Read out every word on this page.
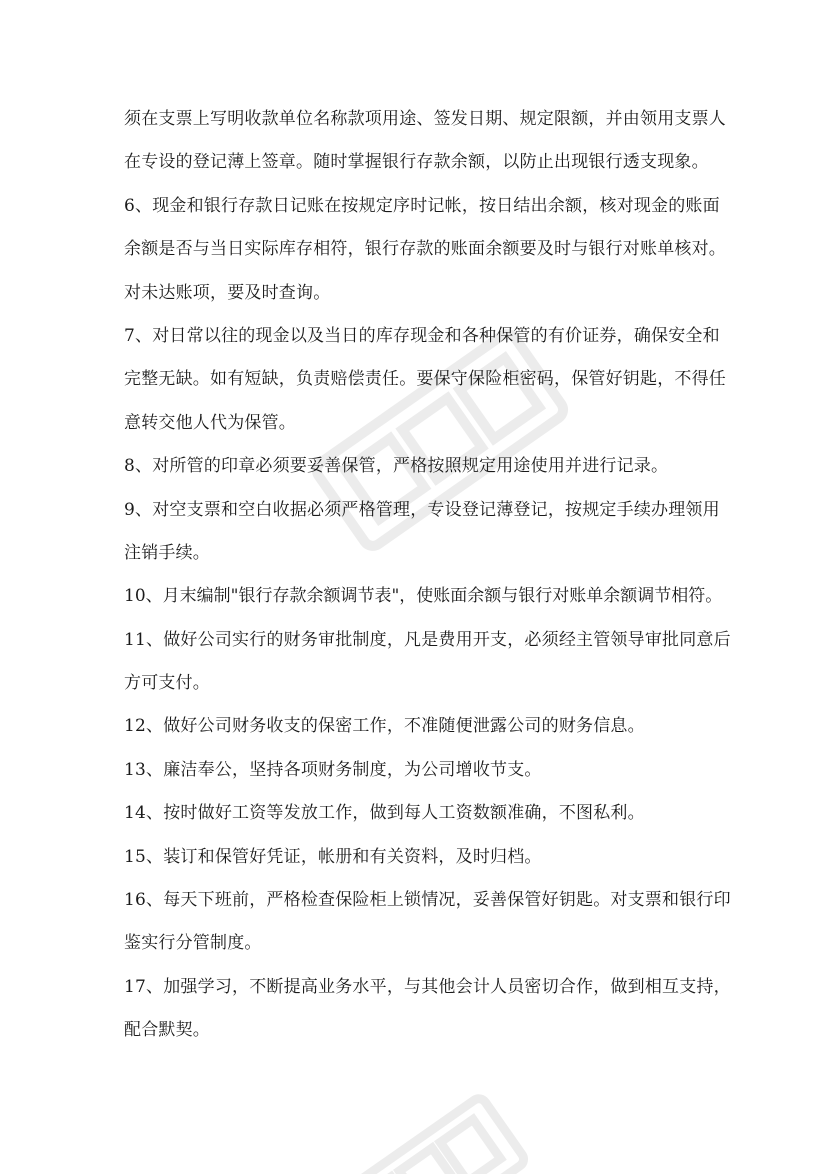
须在支票上写明收款单位名称款项用途、签发日期、规定限额，并由领用支票人
在专设的登记薄上签章。随时掌握银行存款余额，以防止出现银行透支现象。
6、现金和银行存款日记账在按规定序时记帐，按日结出余额，核对现金的账面
余额是否与当日实际库存相符，银行存款的账面余额要及时与银行对账单核对。
对未达账项，要及时查询。
7、对日常以往的现金以及当日的库存现金和各种保管的有价证券，确保安全和
完整无缺。如有短缺，负责赔偿责任。要保守保险柜密码，保管好钥匙，不得任
意转交他人代为保管。
8、对所管的印章必须要妥善保管，严格按照规定用途使用并进行记录。
9、对空支票和空白收据必须严格管理，专设登记薄登记，按规定手续办理领用
注销手续。
10、月末编制"银行存款余额调节表"，使账面余额与银行对账单余额调节相符。
11、做好公司实行的财务审批制度，凡是费用开支，必须经主管领导审批同意后
方可支付。
12、做好公司财务收支的保密工作，不准随便泄露公司的财务信息。
13、廉洁奉公，坚持各项财务制度，为公司增收节支。
14、按时做好工资等发放工作，做到每人工资数额准确，不图私利。
15、装订和保管好凭证，帐册和有关资料，及时归档。
16、每天下班前，严格检查保险柜上锁情况，妥善保管好钥匙。对支票和银行印
鉴实行分管制度。
17、加强学习，不断提高业务水平，与其他会计人员密切合作，做到相互支持，
配合默契。
